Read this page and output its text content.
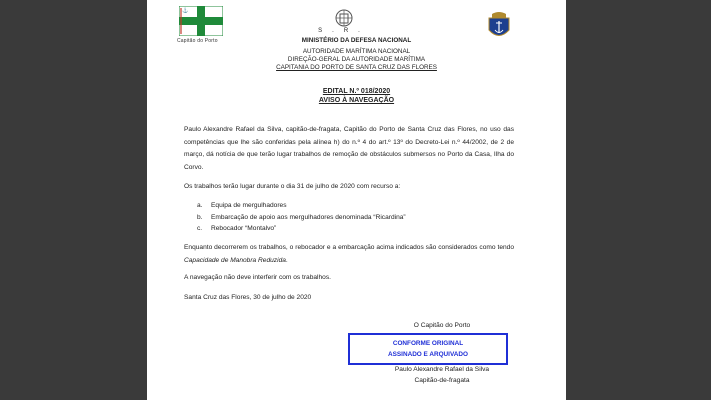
⚓
Capitão do Porto
S.R.
MINISTÉRIO DA DEFESA NACIONAL
AUTORIDADE MARÍTIMA NACIONAL
DIREÇÃO-GERAL DA AUTORIDADE MARÍTIMA
CAPITANIA DO PORTO DE SANTA CRUZ DAS FLORES
EDITAL N.º 018/2020
AVISO À NAVEGAÇÃO
Paulo Alexandre Rafael da Silva, capitão-de-fragata, Capitão do Porto de Santa Cruz das Flores, no uso das competências que lhe são conferidas pela alínea h) do n.º 4 do art.º 13º do Decreto-Lei n.º 44/2002, de 2 de março, dá notícia de que terão lugar trabalhos de remoção de obstáculos submersos no Porto da Casa, Ilha do Corvo.
Os trabalhos terão lugar durante o dia 31 de julho de 2020 com recurso a:
a.	Equipa de mergulhadores
b.	Embarcação de apoio aos mergulhadores denominada “Ricardina”
c.	Rebocador “Montalvo”
Enquanto decorrerem os trabalhos, o rebocador e a embarcação acima indicados são considerados como tendo Capacidade de Manobra Reduzida.
A navegação não deve interferir com os trabalhos.
Santa Cruz das Flores, 30 de julho de 2020
O Capitão do Porto
CONFORME ORIGINAL
ASSINADO E ARQUIVADO
Paulo Alexandre Rafael da Silva
Capitão-de-fragata
